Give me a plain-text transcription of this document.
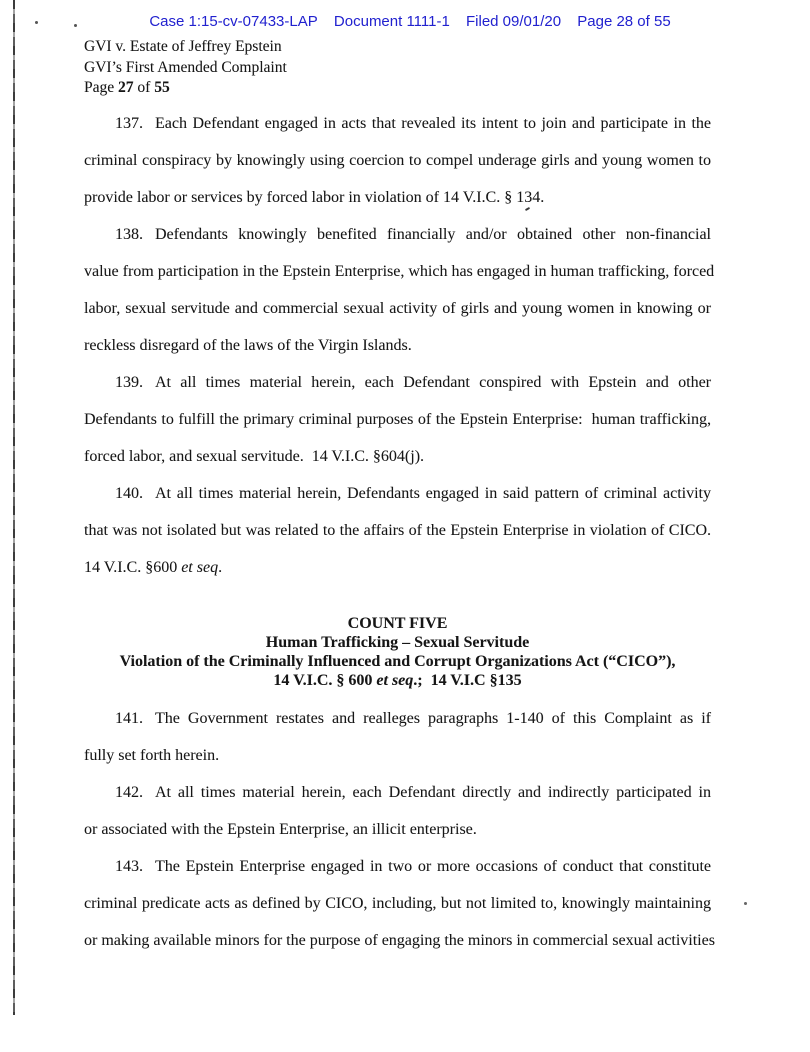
Case 1:15-cv-07433-LAP Document 1111-1 Filed 09/01/20 Page 28 of 55
GVI v. Estate of Jeffrey Epstein
GVI’s First Amended Complaint
Page 27 of 55
137. Each Defendant engaged in acts that revealed its intent to join and participate in the
criminal conspiracy by knowingly using coercion to compel underage girls and young women to
provide labor or services by forced labor in violation of 14 V.I.C. § 134.
138. Defendants knowingly benefited financially and/or obtained other non-financial
value from participation in the Epstein Enterprise, which has engaged in human trafficking, forced
labor, sexual servitude and commercial sexual activity of girls and young women in knowing or
reckless disregard of the laws of the Virgin Islands.
139. At all times material herein, each Defendant conspired with Epstein and other
Defendants to fulfill the primary criminal purposes of the Epstein Enterprise:  human trafficking,
forced labor, and sexual servitude.  14 V.I.C. §604(j).
140. At all times material herein, Defendants engaged in said pattern of criminal activity
that was not isolated but was related to the affairs of the Epstein Enterprise in violation of CICO.
14 V.I.C. §600 et seq.
COUNT FIVE
Human Trafficking – Sexual Servitude
Violation of the Criminally Influenced and Corrupt Organizations Act (“CICO”),
14 V.I.C. § 600 et seq.;  14 V.I.C §135
141. The Government restates and realleges paragraphs 1-140 of this Complaint as if
fully set forth herein.
142. At all times material herein, each Defendant directly and indirectly participated in
or associated with the Epstein Enterprise, an illicit enterprise.
143. The Epstein Enterprise engaged in two or more occasions of conduct that constitute
criminal predicate acts as defined by CICO, including, but not limited to, knowingly maintaining
or making available minors for the purpose of engaging the minors in commercial sexual activities
